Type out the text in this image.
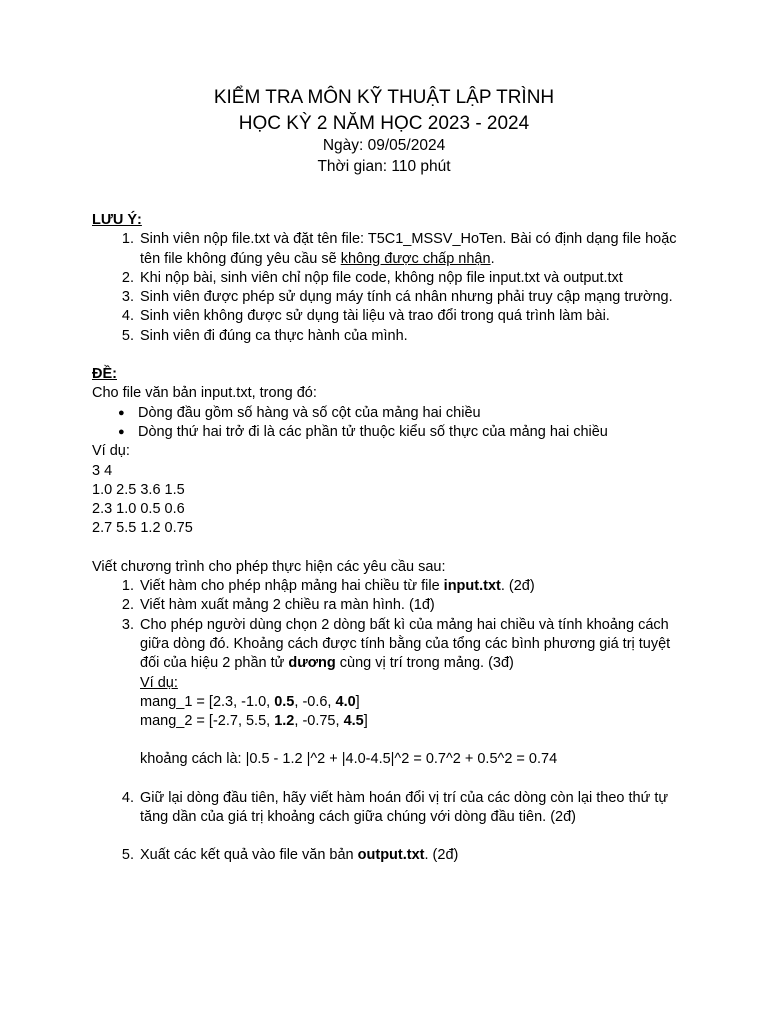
KIỂM TRA MÔN KỸ THUẬT LẬP TRÌNH
HỌC KỲ 2 NĂM HỌC 2023 - 2024
Ngày: 09/05/2024
Thời gian: 110 phút
LƯU Ý:
1. Sinh viên nộp file.txt và đặt tên file: T5C1_MSSV_HoTen. Bài có định dạng file hoặc tên file không đúng yêu cầu sẽ không được chấp nhận.
2. Khi nộp bài, sinh viên chỉ nộp file code, không nộp file input.txt và output.txt
3. Sinh viên được phép sử dụng máy tính cá nhân nhưng phải truy cập mạng trường.
4. Sinh viên không được sử dụng tài liệu và trao đổi trong quá trình làm bài.
5. Sinh viên đi đúng ca thực hành của mình.
ĐỀ:
Cho file văn bản input.txt, trong đó:
● Dòng đầu gồm số hàng và số cột của mảng hai chiều
● Dòng thứ hai trở đi là các phần tử thuộc kiểu số thực của mảng hai chiều
Ví dụ:
3 4
1.0 2.5 3.6 1.5
2.3 1.0 0.5 0.6
2.7 5.5 1.2 0.75
Viết chương trình cho phép thực hiện các yêu cầu sau:
1. Viết hàm cho phép nhập mảng hai chiều từ file input.txt. (2đ)
2. Viết hàm xuất mảng 2 chiều ra màn hình. (1đ)
3. Cho phép người dùng chọn 2 dòng bất kì của mảng hai chiều và tính khoảng cách giữa dòng đó. Khoảng cách được tính bằng của tổng các bình phương giá trị tuyệt đối của hiệu 2 phần tử dương cùng vị trí trong mảng. (3đ)
Ví dụ:
mang_1 = [2.3, -1.0, 0.5, -0.6, 4.0]
mang_2 = [-2.7, 5.5, 1.2, -0.75, 4.5]
khoảng cách là: |0.5 - 1.2 |^2 + |4.0-4.5|^2 = 0.7^2 + 0.5^2 = 0.74
4. Giữ lại dòng đầu tiên, hãy viết hàm hoán đổi vị trí của các dòng còn lại theo thứ tự tăng dần của giá trị khoảng cách giữa chúng với dòng đầu tiên. (2đ)
5. Xuất các kết quả vào file văn bản output.txt. (2đ)
